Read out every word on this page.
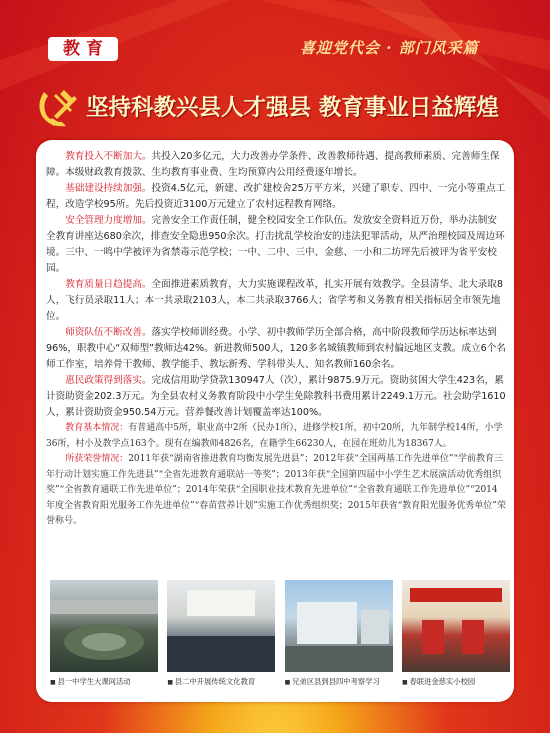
教 育	喜迎党代会 · 部门风采篇
坚持科教兴县人才强县 教育事业日益辉煌

教育投入不断加大。共投入20多亿元，大力改善办学条件、改善教师待遇、提高教师素质、完善师生保障。本级财政教育拨款、生均教育事业费、生均预算内公用经费逐年增长。

基础建设持续加强。投资4.5亿元，新建、改扩建校舍25万平方米，兴建了职专、四中、一完小等重点工程，改造学校95所。先后投资近3100万元建立了农村远程教育网络。

安全管理力度增加。完善安全工作责任制，健全校园安全工作队伍。发放安全资料近万份，举办法制安全教育讲座达680余次，排查安全隐患950余次。打击扰乱学校治安的违法犯罪活动，从严治理校园及周边环境。三中、一鸣中学被评为省禁毒示范学校；一中、二中、三中、金慈、一小和二坊坪先后被评为省平安校园。

教育质量日趋提高。全面推进素质教育，大力实施课程改革，扎实开展有效教学。全县清华、北大录取8人，飞行员录取11人；本一共录取2103人，本二共录取3766人；省学考和义务教育相关指标居全市领先地位。

师资队伍不断改善。落实学校师训经费。小学、初中教师学历全部合格，高中阶段教师学历达标率达到96%，职教中心“双师型”教师达42%。新进教师500人，120多名城镇教师到农村偏远地区支教。成立6个名师工作室，培养骨干教师、教学能手、教坛新秀、学科带头人、知名教师160余名。

惠民政策得到落实。完成信用助学贷款130947人（次），累计9875.9万元。资助贫困大学生423名，累计资助资金202.3万元。为全县农村义务教育阶段中小学生免除教科书费用累计2249.1万元。社会助学1610人，累计资助资金950.54万元。营养餐改善计划覆盖率达100%。

教育基本情况：有普通高中5所，职业高中2所（民办1所），进修学校1所，初中20所，九年制学校14所，小学36所，村小及教学点163个。现有在编教师4826名，在籍学生66230人，在园在班幼儿为18367人。

所获荣誉情况：2011年获“湖南省推进教育均衡发展先进县”；2012年获“全国两基工作先进单位”“学前教育三年行动计划实施工作先进县”“全省先进教育通联站一等奖”；2013年获“全国第四届中小学生艺术展演活动优秀组织奖”“全省教育通联工作先进单位”；2014年荣获“全国职业技术教育先进单位”“全省教育通联工作先进单位”“2014年度全省教育阳光服务工作先进单位”“春苗营养计划”实施工作优秀组织奖；2015年获省“教育阳光服务优秀单位”荣誉称号。

■ 县一中学生大课间活动	■ 县二中开展传统文化教育	■ 兄弟区县到县四中考察学习	■ 春联进金慈实小校园
